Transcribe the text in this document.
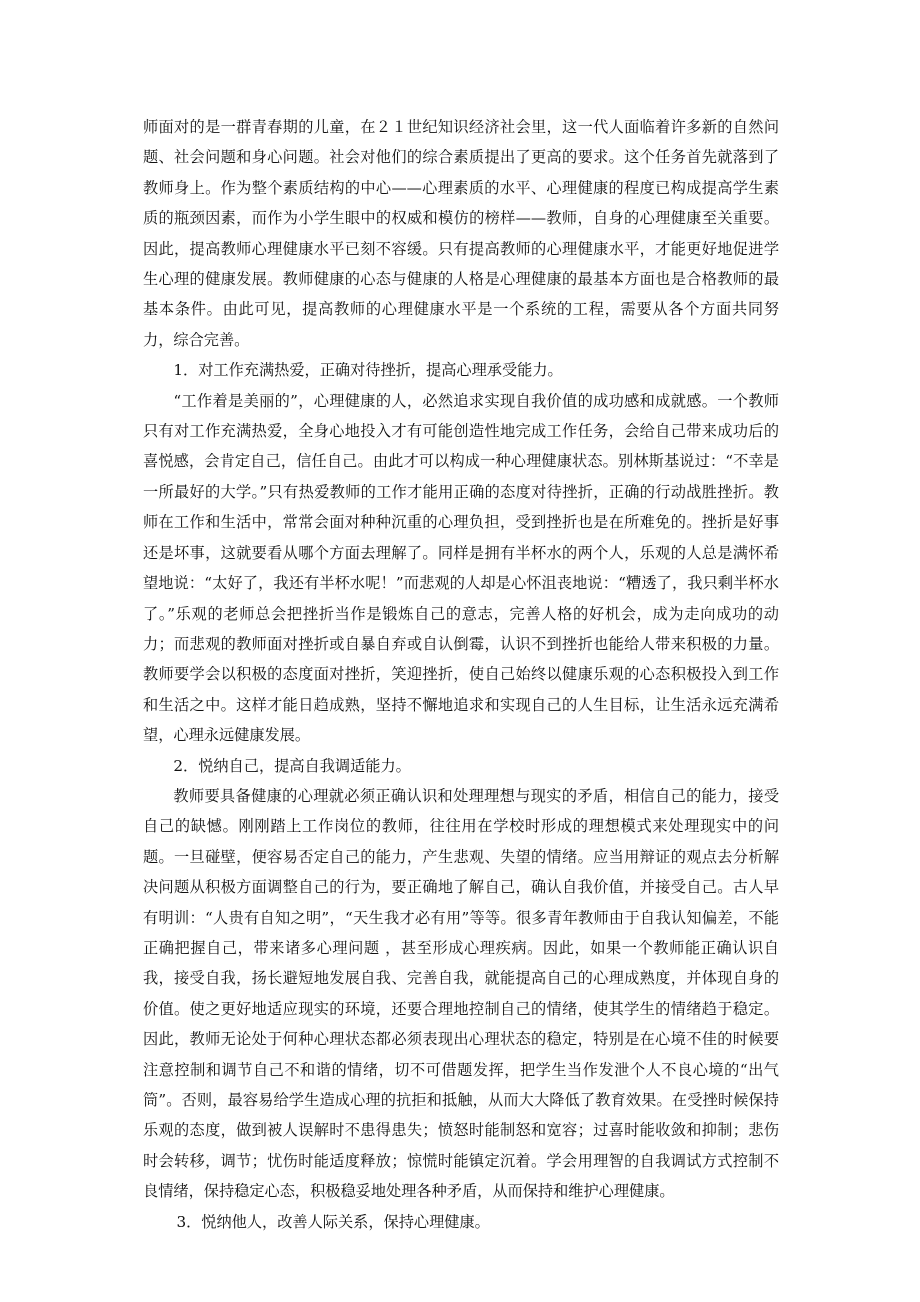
师面对的是一群青春期的儿童，在２１世纪知识经济社会里，这一代人面临着许多新的自然问题、社会问题和身心问题。社会对他们的综合素质提出了更高的要求。这个任务首先就落到了教师身上。作为整个素质结构的中心——心理素质的水平、心理健康的程度已构成提高学生素质的瓶颈因素，而作为小学生眼中的权威和模仿的榜样——教师，自身的心理健康至关重要。因此，提高教师心理健康水平已刻不容缓。只有提高教师的心理健康水平，才能更好地促进学生心理的健康发展。教师健康的心态与健康的人格是心理健康的最基本方面也是合格教师的最基本条件。由此可见，提高教师的心理健康水平是一个系统的工程，需要从各个方面共同努力，综合完善。

1．对工作充满热爱，正确对待挫折，提高心理承受能力。

“工作着是美丽的”，心理健康的人，必然追求实现自我价值的成功感和成就感。一个教师只有对工作充满热爱，全身心地投入才有可能创造性地完成工作任务，会给自己带来成功后的喜悦感，会肯定自己，信任自己。由此才可以构成一种心理健康状态。别林斯基说过：“不幸是一所最好的大学。”只有热爱教师的工作才能用正确的态度对待挫折，正确的行动战胜挫折。教师在工作和生活中，常常会面对种种沉重的心理负担，受到挫折也是在所难免的。挫折是好事还是坏事，这就要看从哪个方面去理解了。同样是拥有半杯水的两个人，乐观的人总是满怀希望地说：“太好了，我还有半杯水呢！”而悲观的人却是心怀沮丧地说：“糟透了，我只剩半杯水了。”乐观的老师总会把挫折当作是锻炼自己的意志，完善人格的好机会，成为走向成功的动力；而悲观的教师面对挫折或自暴自弃或自认倒霉，认识不到挫折也能给人带来积极的力量。教师要学会以积极的态度面对挫折，笑迎挫折，使自己始终以健康乐观的心态积极投入到工作和生活之中。这样才能日趋成熟，坚持不懈地追求和实现自己的人生目标，让生活永远充满希望，心理永远健康发展。

2．悦纳自己，提高自我调适能力。

教师要具备健康的心理就必须正确认识和处理理想与现实的矛盾，相信自己的能力，接受自己的缺憾。刚刚踏上工作岗位的教师，往往用在学校时形成的理想模式来处理现实中的问题。一旦碰壁，便容易否定自己的能力，产生悲观、失望的情绪。应当用辩证的观点去分析解决问题从积极方面调整自己的行为，要正确地了解自己，确认自我价值，并接受自己。古人早有明训：“人贵有自知之明”，“天生我才必有用”等等。很多青年教师由于自我认知偏差，不能正确把握自己，带来诸多心理问题 ，甚至形成心理疾病。因此，如果一个教师能正确认识自我，接受自我，扬长避短地发展自我、完善自我，就能提高自己的心理成熟度，并体现自身的价值。使之更好地适应现实的环境，还要合理地控制自己的情绪，使其学生的情绪趋于稳定。因此，教师无论处于何种心理状态都必须表现出心理状态的稳定，特别是在心境不佳的时候要注意控制和调节自己不和谐的情绪，切不可借题发挥，把学生当作发泄个人不良心境的“出气筒”。否则，最容易给学生造成心理的抗拒和抵触，从而大大降低了教育效果。在受挫时候保持乐观的态度，做到被人误解时不患得患失；愤怒时能制怒和宽容；过喜时能收敛和抑制；悲伤时会转移，调节；忧伤时能适度释放；惊慌时能镇定沉着。学会用理智的自我调试方式控制不良情绪，保持稳定心态，积极稳妥地处理各种矛盾，从而保持和维护心理健康。

3．悦纳他人，改善人际关系，保持心理健康。
